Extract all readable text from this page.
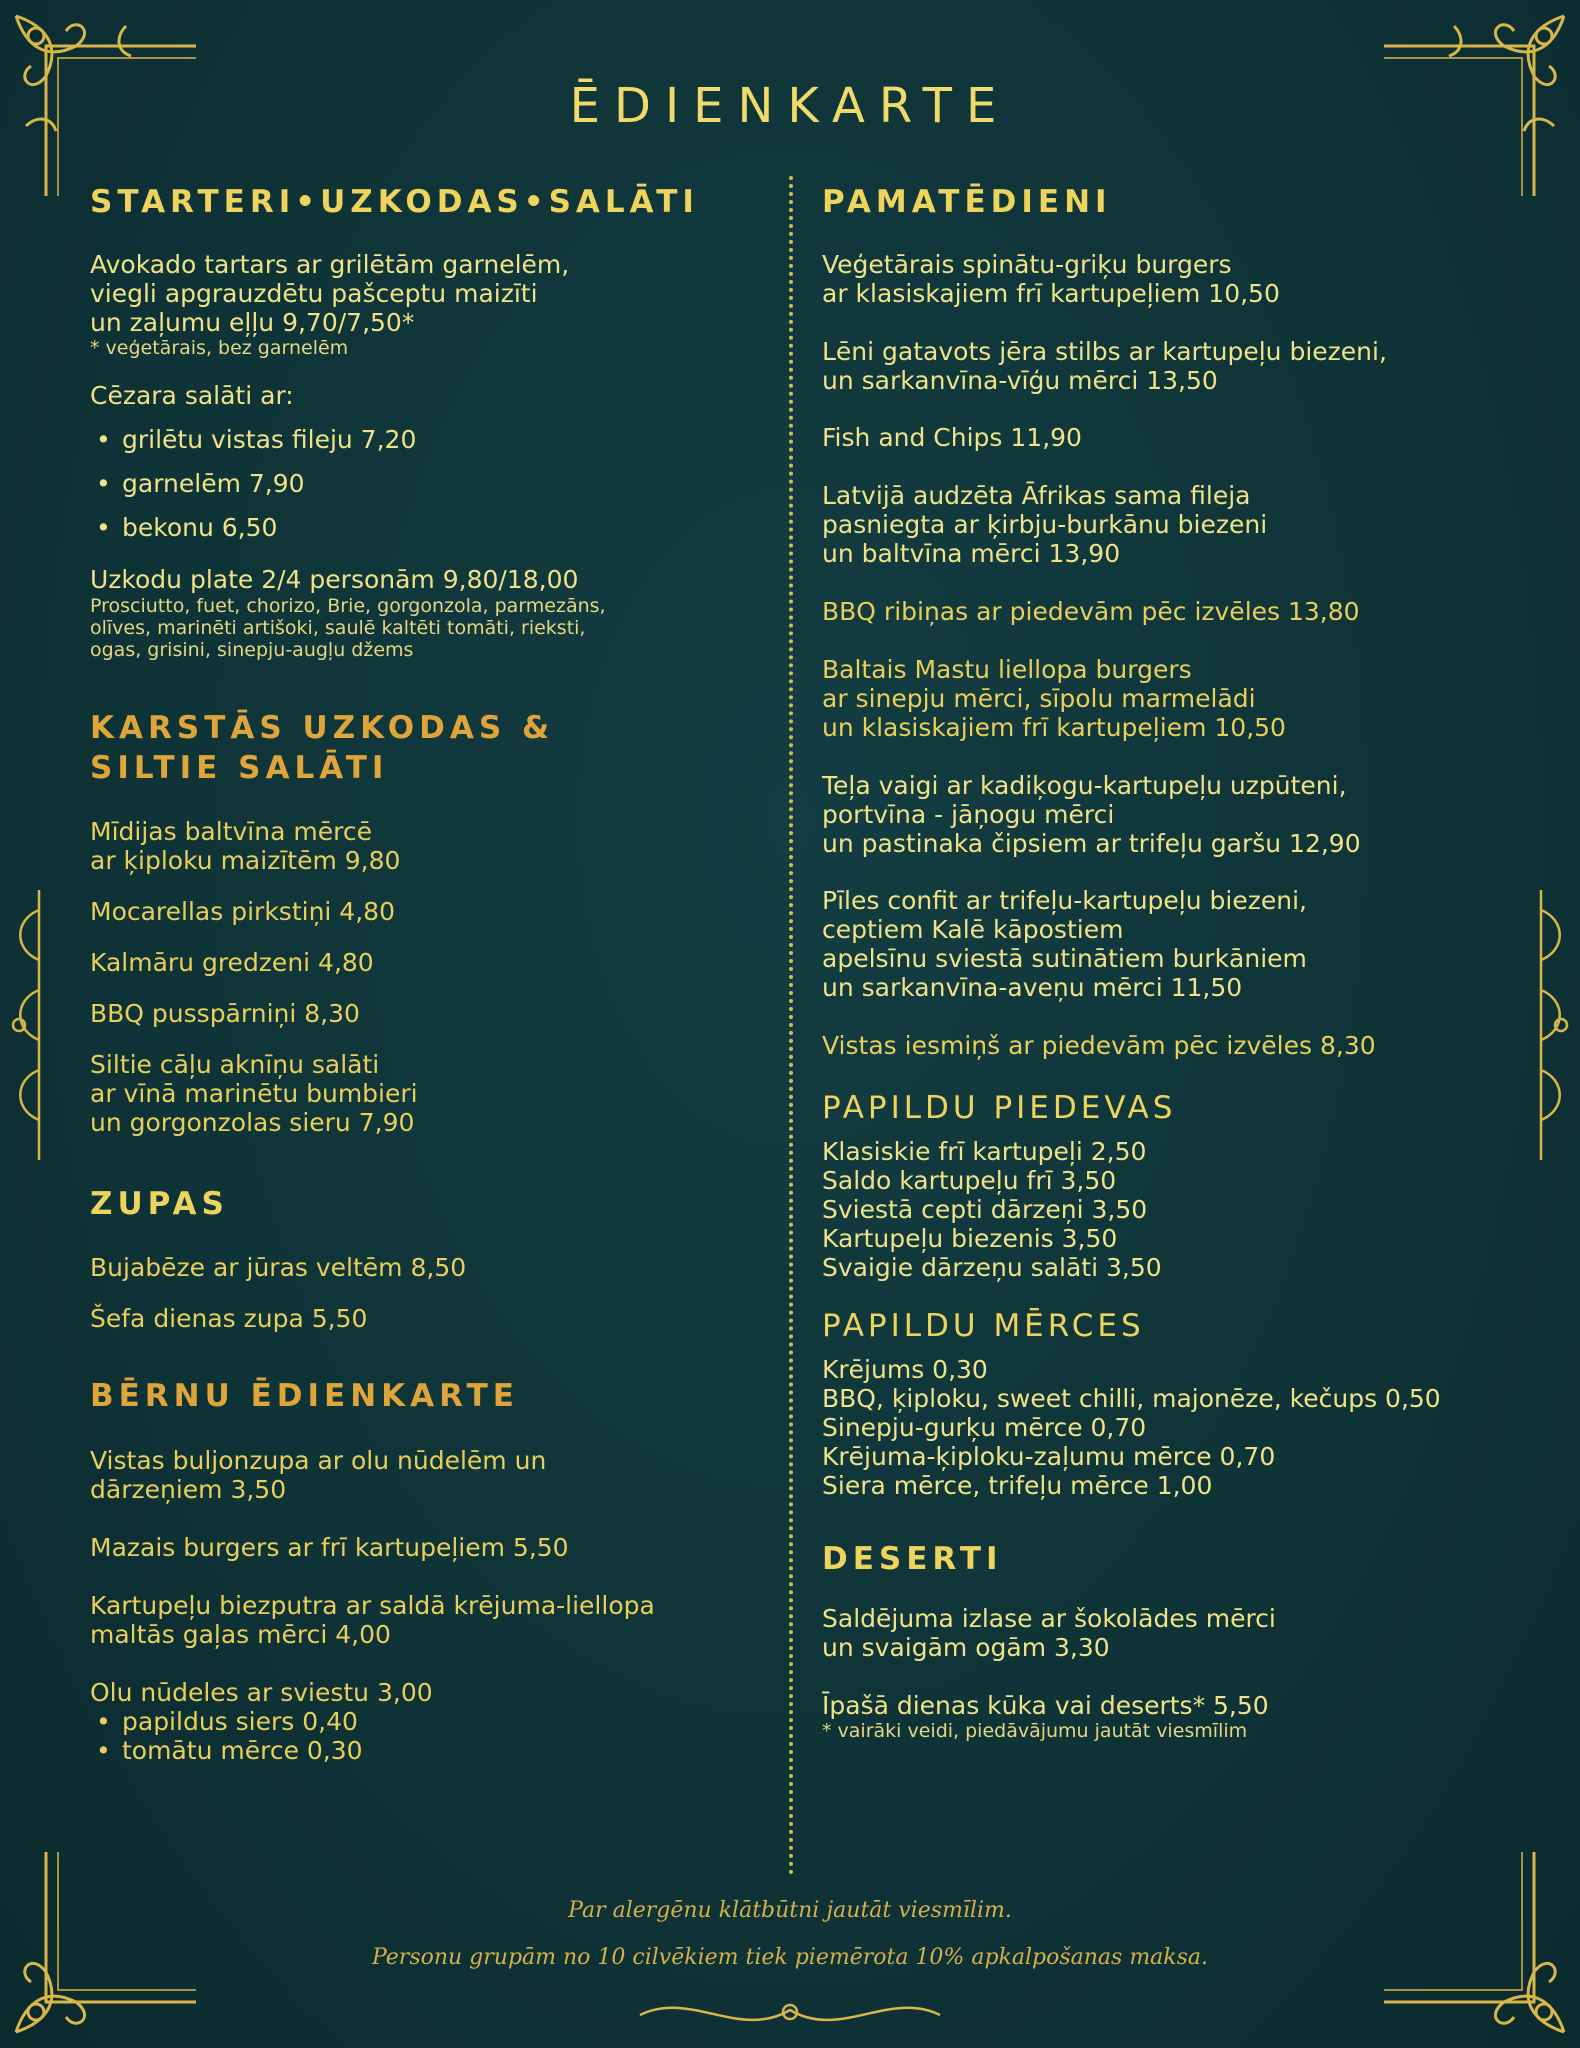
ĒDIENKARTE
STARTERI•UZKODAS•SALĀTI
Avokado tartars ar grilētām garnelēm,
viegli apgrauzdētu pašceptu maizīti
un zaļumu eļļu 9,70/7,50*
* veģetārais, bez garnelēm
Cēzara salāti ar:
• grilētu vistas fileju 7,20
• garnelēm 7,90
• bekonu 6,50
Uzkodu plate 2/4 personām 9,80/18,00
Prosciutto, fuet, chorizo, Brie, gorgonzola, parmezāns,
olīves, marinēti artišoki, saulē kaltēti tomāti, rieksti,
ogas, grisini, sinepju-augļu džems
KARSTĀS UZKODAS &
SILTIE SALĀTI
Mīdijas baltvīna mērcē
ar ķiploku maizītēm 9,80
Mocarellas pirkstiņi 4,80
Kalmāru gredzeni 4,80
BBQ pusspārniņi 8,30
Siltie cāļu aknīņu salāti
ar vīnā marinētu bumbieri
un gorgonzolas sieru 7,90
ZUPAS
Bujabēze ar jūras veltēm 8,50
Šefa dienas zupa 5,50
BĒRNU ĒDIENKARTE
Vistas buljonzupa ar olu nūdelēm un
dārzeņiem 3,50
Mazais burgers ar frī kartupeļiem 5,50
Kartupeļu biezputra ar saldā krējuma-liellopa
maltās gaļas mērci 4,00
Olu nūdeles ar sviestu 3,00
• papildus siers 0,40
• tomātu mērce 0,30
PAMATĒDIENI
Veģetārais spinātu-griķu burgers
ar klasiskajiem frī kartupeļiem 10,50
Lēni gatavots jēra stilbs ar kartupeļu biezeni,
un sarkanvīna-vīģu mērci 13,50
Fish and Chips 11,90
Latvijā audzēta Āfrikas sama fileja
pasniegta ar ķirbju-burkānu biezeni
un baltvīna mērci 13,90
BBQ ribiņas ar piedevām pēc izvēles 13,80
Baltais Mastu liellopa burgers
ar sinepju mērci, sīpolu marmelādi
un klasiskajiem frī kartupeļiem 10,50
Teļa vaigi ar kadiķogu-kartupeļu uzpūteni,
portvīna - jāņogu mērci
un pastinaka čipsiem ar trifeļu garšu 12,90
Pīles confit ar trifeļu-kartupeļu biezeni,
ceptiem Kalē kāpostiem
apelsīnu sviestā sutinātiem burkāniem
un sarkanvīna-aveņu mērci 11,50
Vistas iesmiņš ar piedevām pēc izvēles 8,30
PAPILDU PIEDEVAS
Klasiskie frī kartupeļi 2,50
Saldo kartupeļu frī 3,50
Sviestā cepti dārzeņi 3,50
Kartupeļu biezenis 3,50
Svaigie dārzeņu salāti 3,50
PAPILDU MĒRCES
Krējums 0,30
BBQ, ķiploku, sweet chilli, majonēze, kečups 0,50
Sinepju-gurķu mērce 0,70
Krējuma-ķiploku-zaļumu mērce 0,70
Siera mērce, trifeļu mērce 1,00
DESERTI
Saldējuma izlase ar šokolādes mērci
un svaigām ogām 3,30
Īpašā dienas kūka vai deserts* 5,50
* vairāki veidi, piedāvājumu jautāt viesmīlim
Par alergēnu klātbūtni jautāt viesmīlim.
Personu grupām no 10 cilvēkiem tiek piemērota 10% apkalpošanas maksa.
